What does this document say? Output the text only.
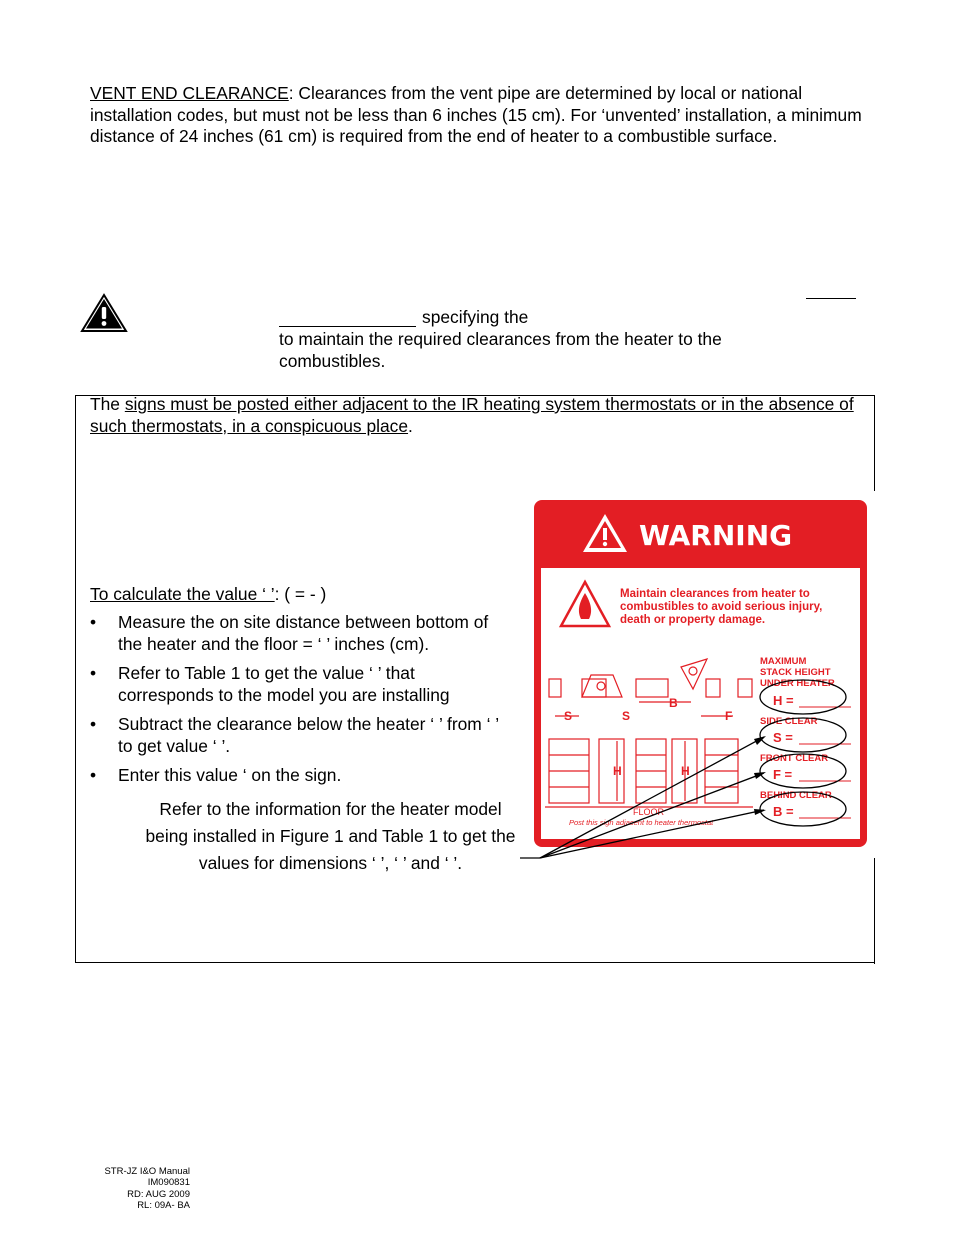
VENT END CLEARANCE: Clearances from the vent pipe are determined by local or national installation codes, but must not be less than 6 inches (15 cm). For ‘unvented’ installation, a minimum distance of 24 inches (61 cm) is required from the end of heater to a combustible surface.
specifying the
to maintain the required clearances from the heater to the combustibles.
The signs must be posted either adjacent to the IR heating system thermostats or in the absence of such thermostats, in a conspicuous place.
To calculate the value ‘ ’: ( = - )
• Measure the on site distance between bottom of the heater and the floor = ‘ ’ inches (cm).
• Refer to Table 1 to get the value ‘ ’ that corresponds to the model you are installing
• Subtract the clearance below the heater ‘ ’ from ‘ ’ to get value ‘ ’.
• Enter this value ‘ on the sign.
Refer to the information for the heater model being installed in Figure 1 and Table 1 to get the values for dimensions ‘ ’, ‘ ’ and ‘ ’.
WARNING
Maintain clearances from heater to
combustibles to avoid serious injury,
death or property damage.
MAXIMUM
STACK HEIGHT
UNDER HEATER
H =
SIDE CLEAR
S =
FRONT CLEAR
F =
BEHIND CLEAR
B =
S	S
B
F
H	H
FLOOR
Post this sign adjacent to heater thermostat
STR-JZ I&O Manual
IM090831
RD: AUG 2009
RL: 09A- BA
